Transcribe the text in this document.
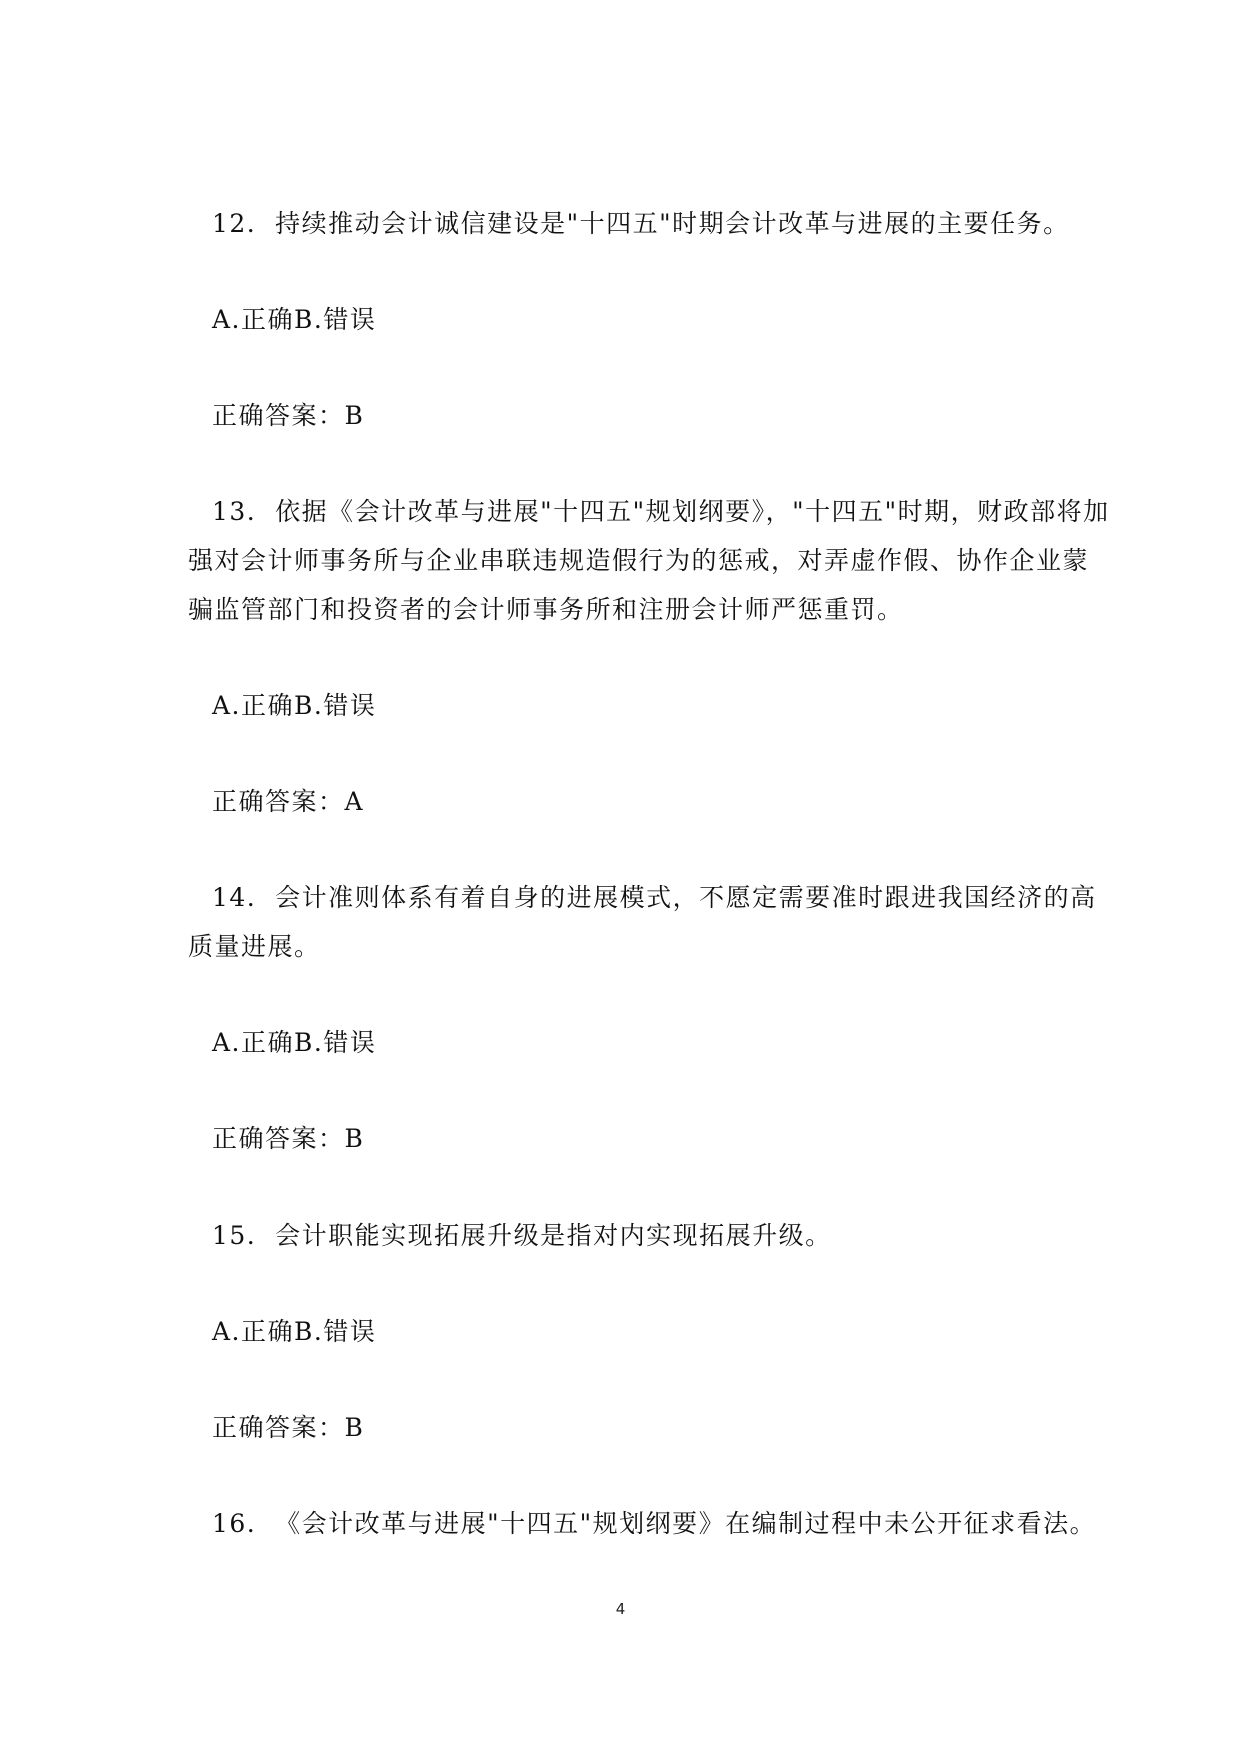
12. 持续推动会计诚信建设是"十四五"时期会计改革与进展的主要任务。
A.正确B.错误
正确答案：B
13. 依据《会计改革与进展"十四五"规划纲要》，"十四五"时期，财政部将加
强对会计师事务所与企业串联违规造假行为的惩戒，对弄虚作假、协作企业蒙
骗监管部门和投资者的会计师事务所和注册会计师严惩重罚。
A.正确B.错误
正确答案：A
14. 会计准则体系有着自身的进展模式，不愿定需要准时跟进我国经济的高
质量进展。
A.正确B.错误
正确答案：B
15. 会计职能实现拓展升级是指对内实现拓展升级。
A.正确B.错误
正确答案：B
16. 《会计改革与进展"十四五"规划纲要》在编制过程中未公开征求看法。
4
